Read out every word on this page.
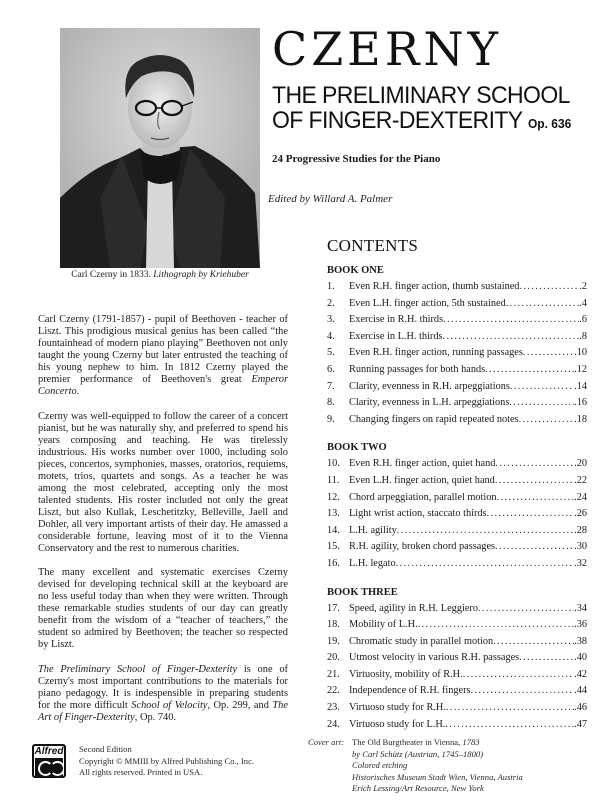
Carl Czerny in 1833. Lithograph by Kriehuber
CZERNY
THE PRELIMINARY SCHOOL
OF FINGER-DEXTERITY Op. 636
24 Progressive Studies for the Piano
Edited by Willard A. Palmer
CONTENTS
BOOK ONE
1.	Even R.H. finger action, thumb sustained . . .	.2
2.	Even L.H. finger action, 5th sustained . . .	.4
3.	Exercise in R.H. thirds . . .	.6
4.	Exercise in L.H. thirds . . .	.8
5.	Even R.H. finger action, running passages . . .	.10
6.	Running passages for both hands . . .	.12
7.	Clarity, evenness in R.H. arpeggiations . . .	.14
8.	Clarity, evenness in L.H. arpeggiations . . .	.16
9.	Changing fingers on rapid repeated notes . . .	.18
BOOK TWO
10. Even R.H. finger action, quiet hand . . .	.20
11. Even L.H. finger action, quiet hand . . .	.22
12. Chord arpeggiation, parallel motion . . .	.24
13. Light wrist action, staccato thirds . . .	.26
14. L.H. agility . . .	.28
15. R.H. agility, broken chord passages . . .	.30
16. L.H. legato . . .	.32
BOOK THREE
17. Speed, agility in R.H. Leggiero . . .	.34
18. Mobility of L.H. . . .	.36
19. Chromatic study in parallel motion . . .	.38
20. Utmost velocity in various R.H. passages . . .	.40
21. Virtuosity, mobility of R.H. . . .	.42
22. Independence of R.H. fingers . . .	.44
23. Virtuoso study for R.H. . . .	.46
24. Virtuoso study for L.H. . . .	.47
Carl Czerny (1791-1857) - pupil of Beethoven - teacher of Liszt. This prodigious musical genius has been called “the fountainhead of modern piano playing” Beethoven not only taught the young Czerny but later entrusted the teaching of his young nephew to him. In 1812 Czerny played the premier performance of Beethoven's great Emperor Concerto.
Czerny was well-equipped to follow the career of a concert pianist, but he was naturally shy, and preferred to spend his years composing and teaching. He was tirelessly industrious. His works number over 1000, including solo pieces, concertos, symphonies, masses, oratorios, requiems, motets, trios, quartets and songs. As a teacher he was among the most celebrated, accepting only the most talented students. His roster included not only the great Liszt, but also Kullak, Leschetitzky, Belleville, Jaell and Dohler, all very important artists of their day. He amassed a considerable fortune, leaving most of it to the Vienna Conservatory and the rest to numerous charities.
The many excellent and systematic exercises Czerny devised for developing technical skill at the keyboard are no less useful today than when they were written. Through these remarkable studies students of our day can greatly benefit from the wisdom of a “teacher of teachers,” the student so admired by Beethoven; the teacher so respected by Liszt.
The Preliminary School of Finger-Dexterity is one of Czerny's most important contributions to the materials for piano pedagogy. It is indespensible in preparing students for the more difficult School of Velocity, Op. 299, and The Art of Finger-Dexterity, Op. 740.
Alfred Second Edition
Copyright © MMIII by Alfred Publishing Co., Inc.
All rights reserved. Printed in USA.
Cover art: The Old Burgtheater in Vienna, 1783
by Carl Schütz (Austrian, 1745–1800)
Colored etching
Historisches Museum Stadt Wien, Vienna, Austria
Erich Lessing/Art Resource, New York
